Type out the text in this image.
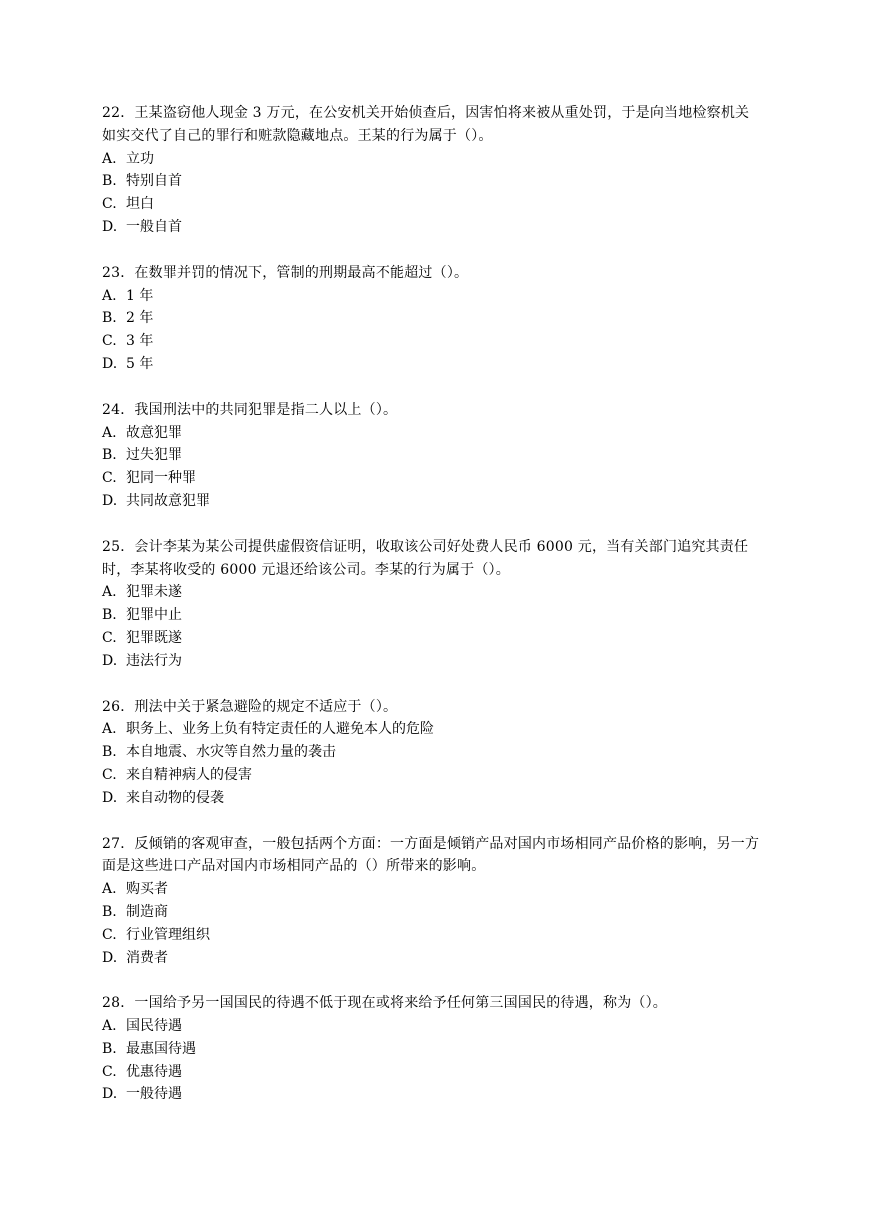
22．王某盗窃他人现金 3 万元，在公安机关开始侦查后，因害怕将来被从重处罚，于是向当地检察机关如实交代了自己的罪行和赃款隐藏地点。王某的行为属于（）。

A. 立功

B. 特别自首

C. 坦白

D. 一般自首

23．在数罪并罚的情况下，管制的刑期最高不能超过（）。

A. 1 年

B. 2 年

C. 3 年

D. 5 年

24．我国刑法中的共同犯罪是指二人以上（）。

A. 故意犯罪

B. 过失犯罪

C. 犯同一种罪

D. 共同故意犯罪

25．会计李某为某公司提供虚假资信证明，收取该公司好处费人民币 6000 元，当有关部门追究其责任时，李某将收受的 6000 元退还给该公司。李某的行为属于（）。

A. 犯罪未遂

B. 犯罪中止

C. 犯罪既遂

D. 违法行为

26．刑法中关于紧急避险的规定不适应于（）。

A. 职务上、业务上负有特定责任的人避免本人的危险

B. 本自地震、水灾等自然力量的袭击

C. 来自精神病人的侵害

D. 来自动物的侵袭

27．反倾销的客观审查，一般包括两个方面：一方面是倾销产品对国内市场相同产品价格的影响，另一方面是这些进口产品对国内市场相同产品的（）所带来的影响。

A. 购买者

B. 制造商

C. 行业管理组织

D. 消费者

28．一国给予另一国国民的待遇不低于现在或将来给予任何第三国国民的待遇，称为（）。

A. 国民待遇

B. 最惠国待遇

C. 优惠待遇

D. 一般待遇
